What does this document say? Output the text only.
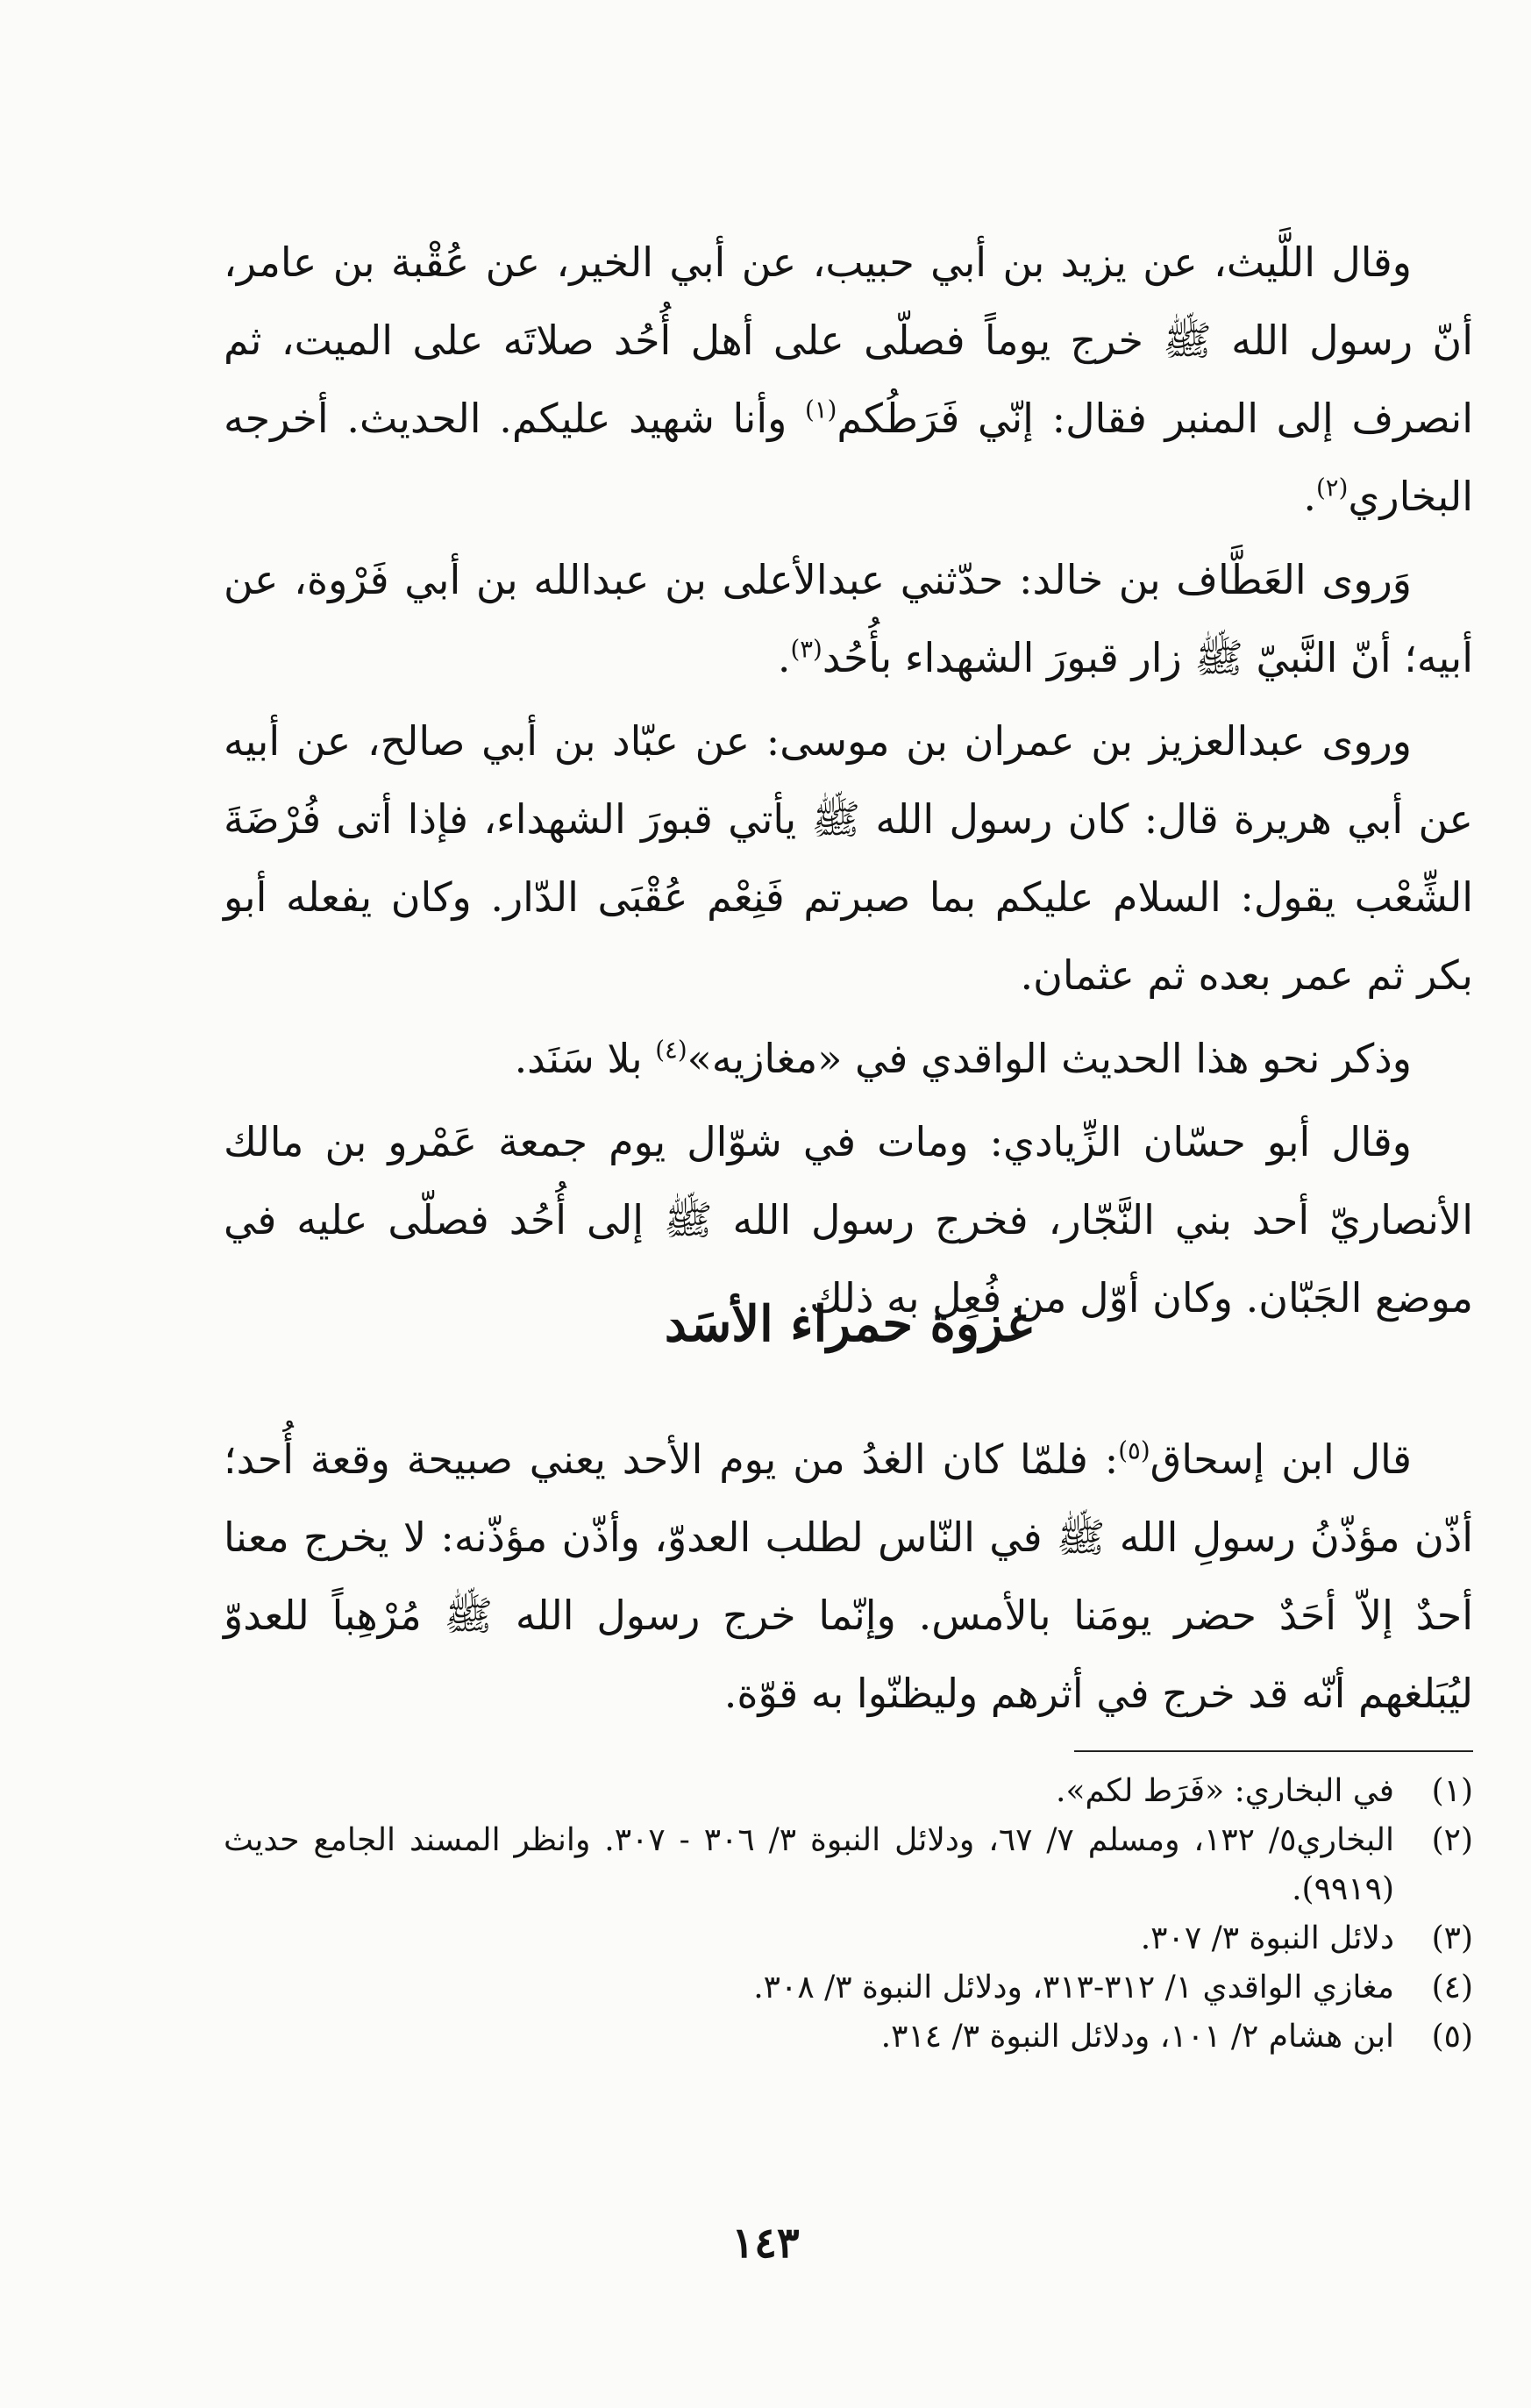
وقال اللَّيث، عن يزيد بن أبي حبيب، عن أبي الخير، عن عُقْبة بن عامر، أنّ رسول الله ﷺ خرج يوماً فصلّى على أهل أُحُد صلاتَه على الميت، ثم انصرف إلى المنبر فقال: إنّي فَرَطُكم$^{(١)}$ وأنا شهيد عليكم. الحديث. أخرجه البخاري$^{(٢)}$.

وَروى العَطَّاف بن خالد: حدّثني عبدالأعلى بن عبدالله بن أبي فَرْوة، عن أبيه؛ أنّ النَّبيّ ﷺ زار قبورَ الشهداء بأُحُد$^{(٣)}$.

وروى عبدالعزيز بن عمران بن موسى: عن عبّاد بن أبي صالح، عن أبيه عن أبي هريرة قال: كان رسول الله ﷺ يأتي قبورَ الشهداء، فإذا أتى فُرْضَةَ الشِّعْب يقول: السلام عليكم بما صبرتم فَنِعْم عُقْبَى الدّار. وكان يفعله أبو بكر ثم عمر بعده ثم عثمان.

وذكر نحو هذا الحديث الواقدي في «مغازيه»$^{(٤)}$ بلا سَنَد.

وقال أبو حسّان الزِّيادي: ومات في شوّال يوم جمعة عَمْرو بن مالك الأنصاريّ أحد بني النَّجّار، فخرج رسول الله ﷺ إلى أُحُد فصلّى عليه في موضع الجَبّان. وكان أوّل من فُعِل به ذلك.

غزوة حمراء الأسَد

قال ابن إسحاق$^{(٥)}$: فلمّا كان الغدُ من يوم الأحد يعني صبيحة وقعة أُحد؛ أذّن مؤذّنُ رسولِ الله ﷺ في النّاس لطلب العدوّ، وأذّن مؤذّنه: لا يخرج معنا أحدٌ إلاّ أحَدٌ حضر يومَنا بالأمس. وإنّما خرج رسول الله ﷺ مُرْهِباً للعدوّ ليُبَلغهم أنّه قد خرج في أثرهم وليظنّوا به قوّة.

(١)
في البخاري: «فَرَط لكم».
(٢)
البخاري٥/ ١٣٢، ومسلم ٧/ ٦٧، ودلائل النبوة ٣/ ٣٠٦ - ٣٠٧. وانظر المسند الجامع حديث (٩٩١٩).
(٣)
دلائل النبوة ٣/ ٣٠٧.
(٤)
مغازي الواقدي ١/ ٣١٢-٣١٣، ودلائل النبوة ٣/ ٣٠٨.
(٥)
ابن هشام ٢/ ١٠١، ودلائل النبوة ٣/ ٣١٤.
١٤٣
